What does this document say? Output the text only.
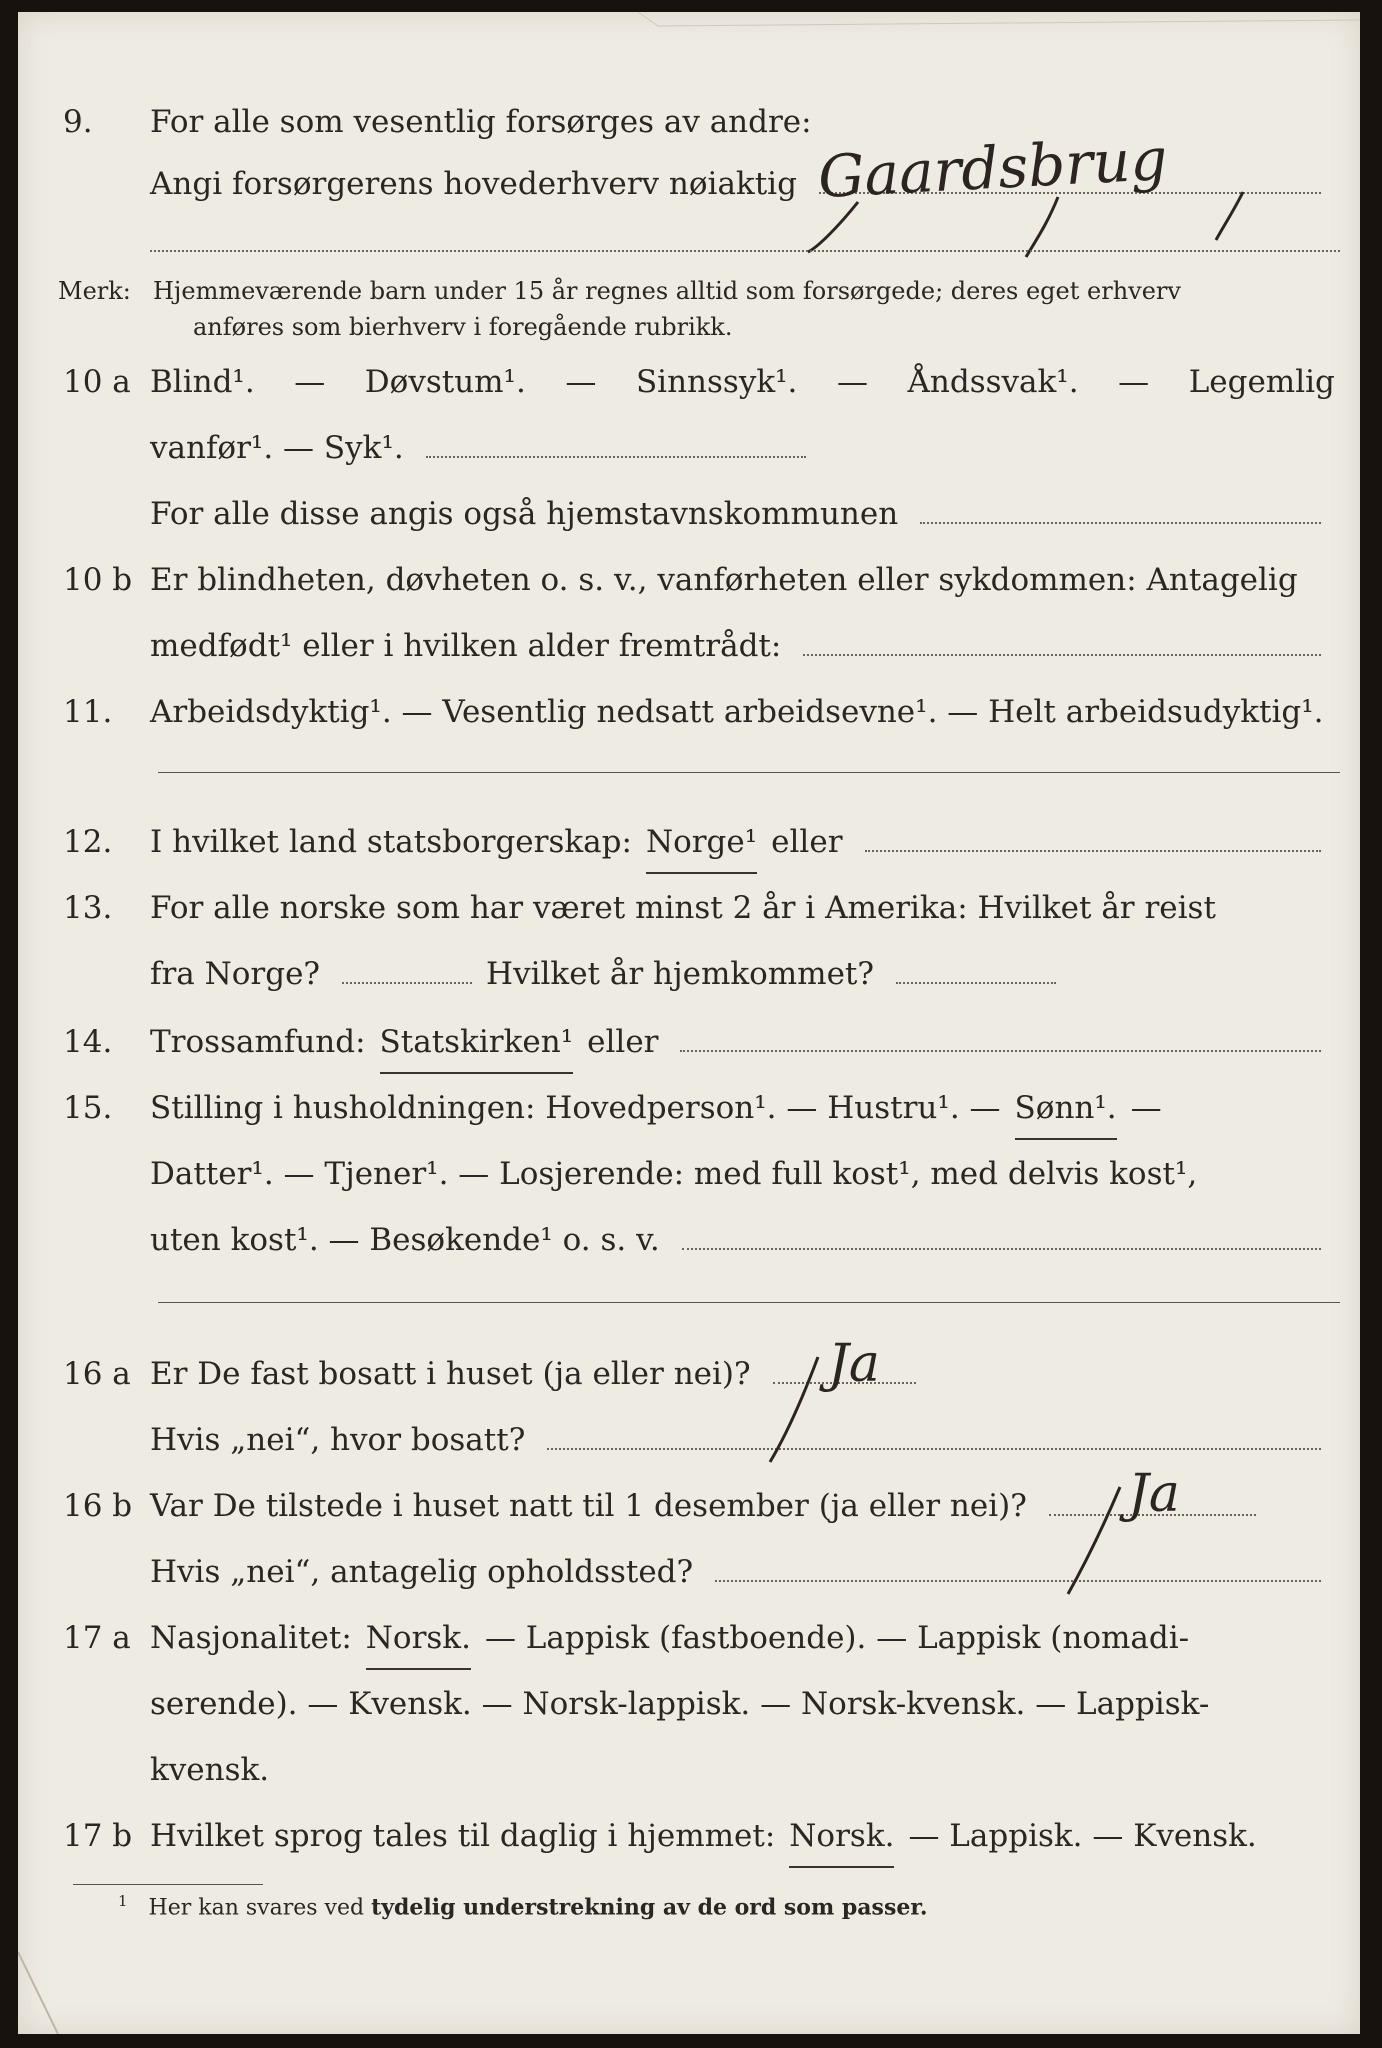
9. For alle som vesentlig forsørges av andre:
Angi forsørgerens hovederhverv nøiaktig Gaardsbrug
Merk: Hjemmeværende barn under 15 år regnes alltid som forsørgede; deres eget erhverv
anføres som bierhverv i foregående rubrikk.
10 a Blind¹. — Døvstum¹. — Sinnssyk¹. — Åndssvak¹. — Legemlig
vanfør¹. — Syk¹.
For alle disse angis også hjemstavnskommunen
10 b Er blindheten, døvheten o. s. v., vanførheten eller sykdommen: Antagelig
medfødt¹ eller i hvilken alder fremtrådt:
11. Arbeidsdyktig¹. — Vesentlig nedsatt arbeidsevne¹. — Helt arbeidsudyktig¹.
12. I hvilket land statsborgerskap: Norge¹ eller
13. For alle norske som har været minst 2 år i Amerika: Hvilket år reist
fra Norge?	Hvilket år hjemkommet?
14. Trossamfund: Statskirken¹ eller
15. Stilling i husholdningen: Hovedperson¹. — Hustru¹. — Sønn¹. —
Datter¹. — Tjener¹. — Losjerende: med full kost¹, med delvis kost¹,
uten kost¹. — Besøkende¹ o. s. v.
16 a Er De fast bosatt i huset (ja eller nei)? Ja
Hvis „nei“, hvor bosatt?
16 b Var De tilstede i huset natt til 1 desember (ja eller nei)? Ja
Hvis „nei“, antagelig opholdssted?
17 a Nasjonalitet: Norsk. — Lappisk (fastboende). — Lappisk (nomadi-
serende). — Kvensk. — Norsk-lappisk. — Norsk-kvensk. — Lappisk-
kvensk.
17 b Hvilket sprog tales til daglig i hjemmet: Norsk. — Lappisk. — Kvensk.
$^1$ Her kan svares ved tydelig understrekning av de ord som passer.
